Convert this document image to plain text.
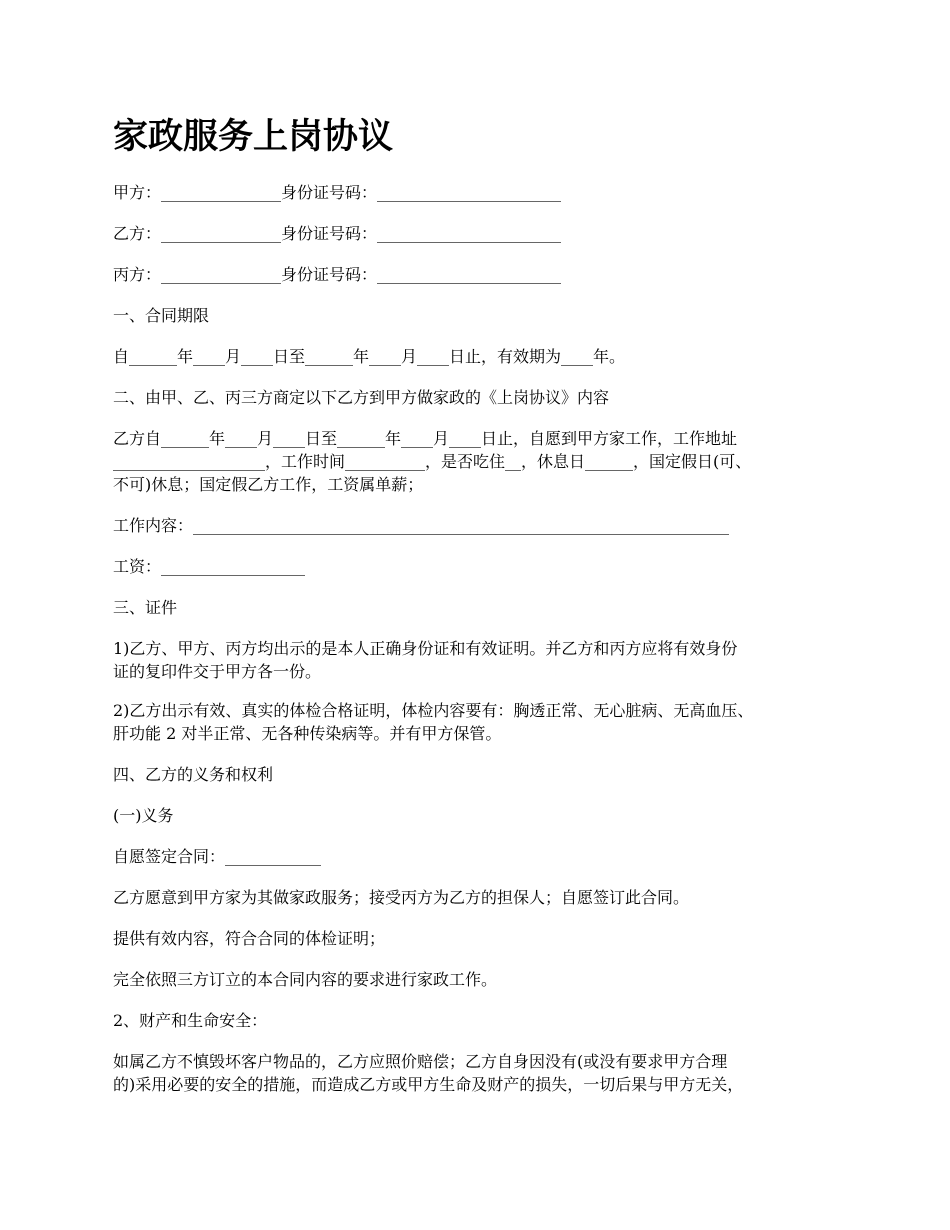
家政服务上岗协议

甲方：_______________身份证号码：_______________________

乙方：_______________身份证号码：_______________________

丙方：_______________身份证号码：_______________________

一、合同期限

自______年____月____日至______年____月____日止，有效期为____年。

二、由甲、乙、丙三方商定以下乙方到甲方做家政的《上岗协议》内容

乙方自______年____月____日至______年____月____日止，自愿到甲方家工作，工作地址

___________________，工作时间__________，是否吃住__，休息日______，国定假日(可、

不可)休息；国定假乙方工作，工资属单薪；

工作内容：___________________________________________________________________

工资：__________________

三、证件

1)乙方、甲方、丙方均出示的是本人正确身份证和有效证明。并乙方和丙方应将有效身份

证的复印件交于甲方各一份。

2)乙方出示有效、真实的体检合格证明，体检内容要有：胸透正常、无心脏病、无高血压、

肝功能 2 对半正常、无各种传染病等。并有甲方保管。

四、乙方的义务和权利

(一)义务

自愿签定合同：____________

乙方愿意到甲方家为其做家政服务；接受丙方为乙方的担保人；自愿签订此合同。

提供有效内容，符合合同的体检证明；

完全依照三方订立的本合同内容的要求进行家政工作。

2、财产和生命安全：

如属乙方不慎毁坏客户物品的，乙方应照价赔偿；乙方自身因没有(或没有要求甲方合理

的)采用必要的安全的措施，而造成乙方或甲方生命及财产的损失，一切后果与甲方无关，
